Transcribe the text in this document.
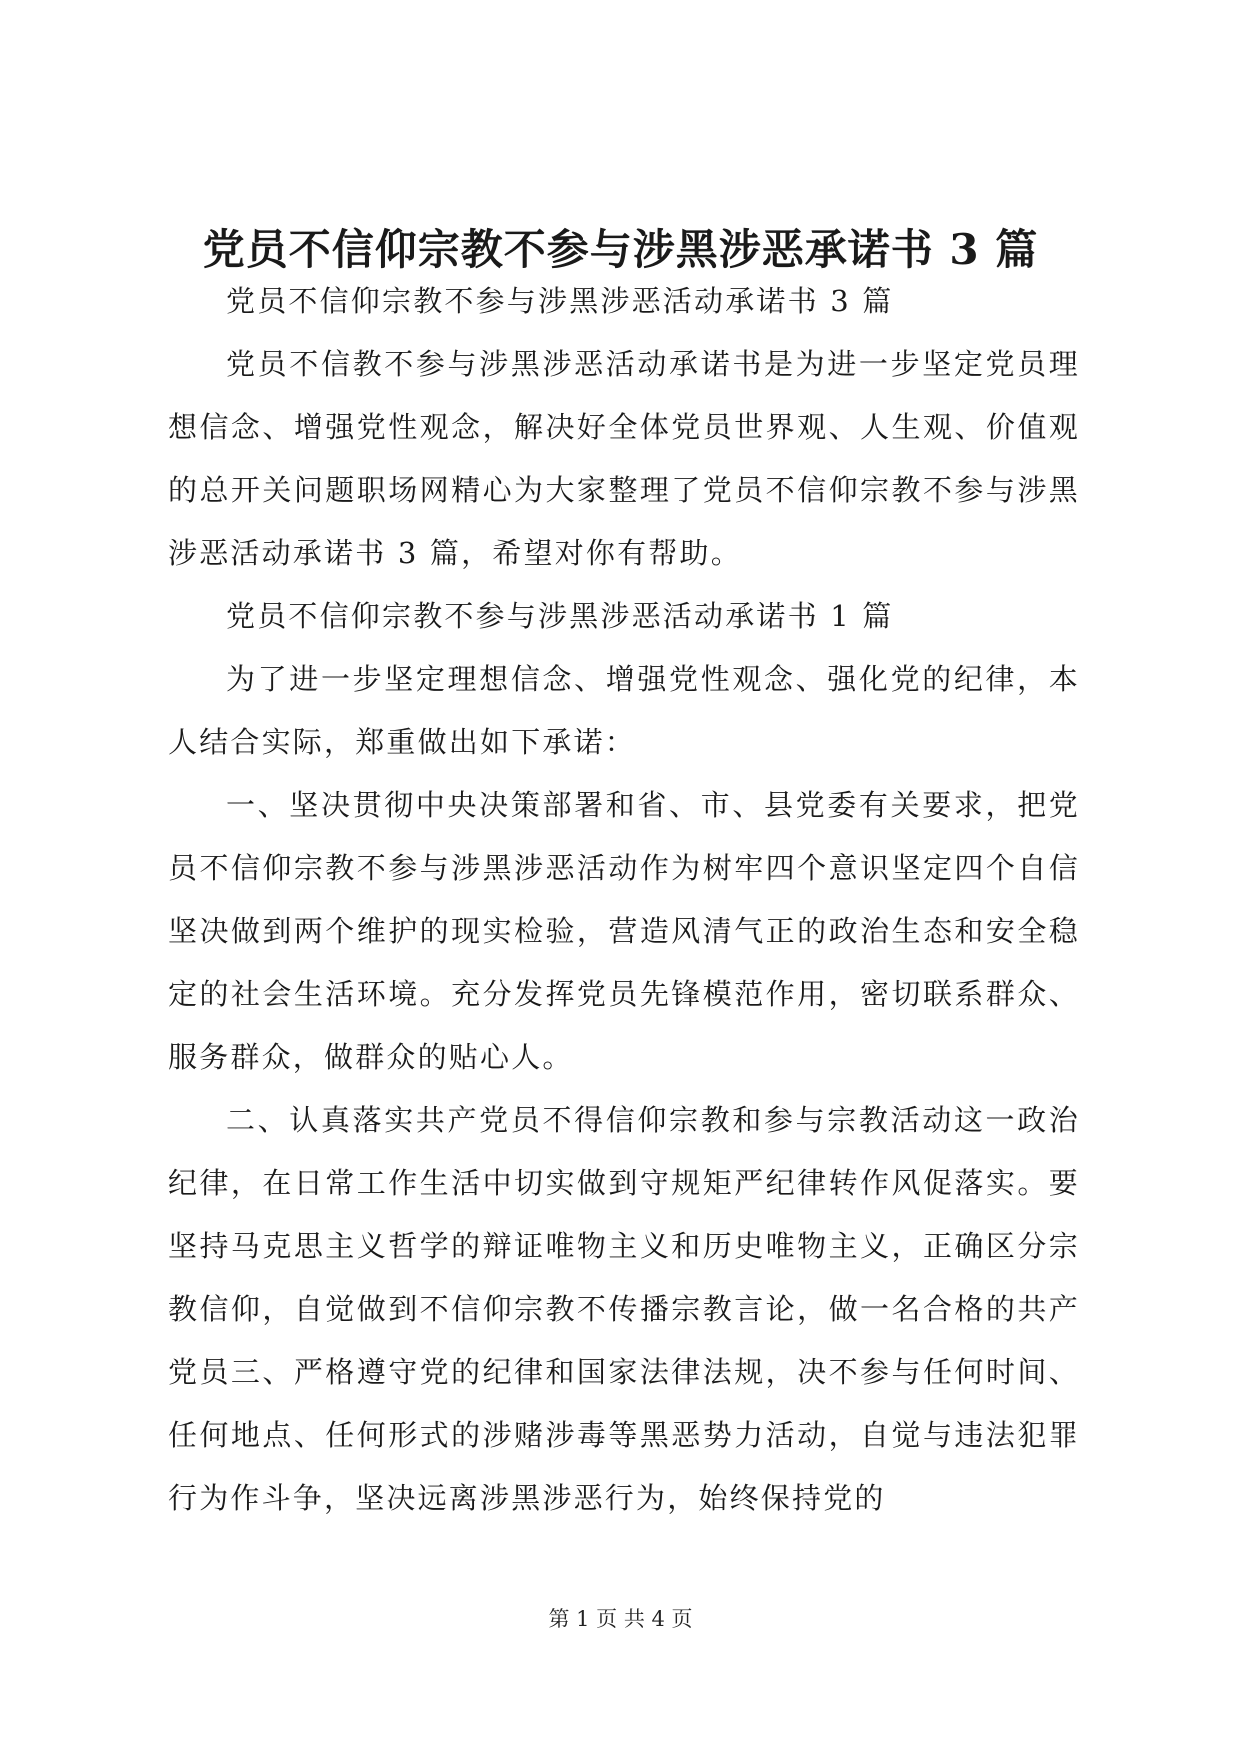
党员不信仰宗教不参与涉黑涉恶承诺书 3 篇

党员不信仰宗教不参与涉黑涉恶活动承诺书 3 篇

党员不信教不参与涉黑涉恶活动承诺书是为进一步坚定党员理想信念、增强党性观念，解决好全体党员世界观、人生观、价值观的总开关问题职场网精心为大家整理了党员不信仰宗教不参与涉黑涉恶活动承诺书 3 篇，希望对你有帮助。

党员不信仰宗教不参与涉黑涉恶活动承诺书 1 篇

为了进一步坚定理想信念、增强党性观念、强化党的纪律，本人结合实际，郑重做出如下承诺：

一、坚决贯彻中央决策部署和省、市、县党委有关要求，把党员不信仰宗教不参与涉黑涉恶活动作为树牢四个意识坚定四个自信坚决做到两个维护的现实检验，营造风清气正的政治生态和安全稳定的社会生活环境。充分发挥党员先锋模范作用，密切联系群众、服务群众，做群众的贴心人。

二、认真落实共产党员不得信仰宗教和参与宗教活动这一政治纪律，在日常工作生活中切实做到守规矩严纪律转作风促落实。要坚持马克思主义哲学的辩证唯物主义和历史唯物主义，正确区分宗教信仰，自觉做到不信仰宗教不传播宗教言论，做一名合格的共产党员三、严格遵守党的纪律和国家法律法规，决不参与任何时间、任何地点、任何形式的涉赌涉毒等黑恶势力活动，自觉与违法犯罪行为作斗争，坚决远离涉黑涉恶行为，始终保持党的

第 1 页 共 4 页
